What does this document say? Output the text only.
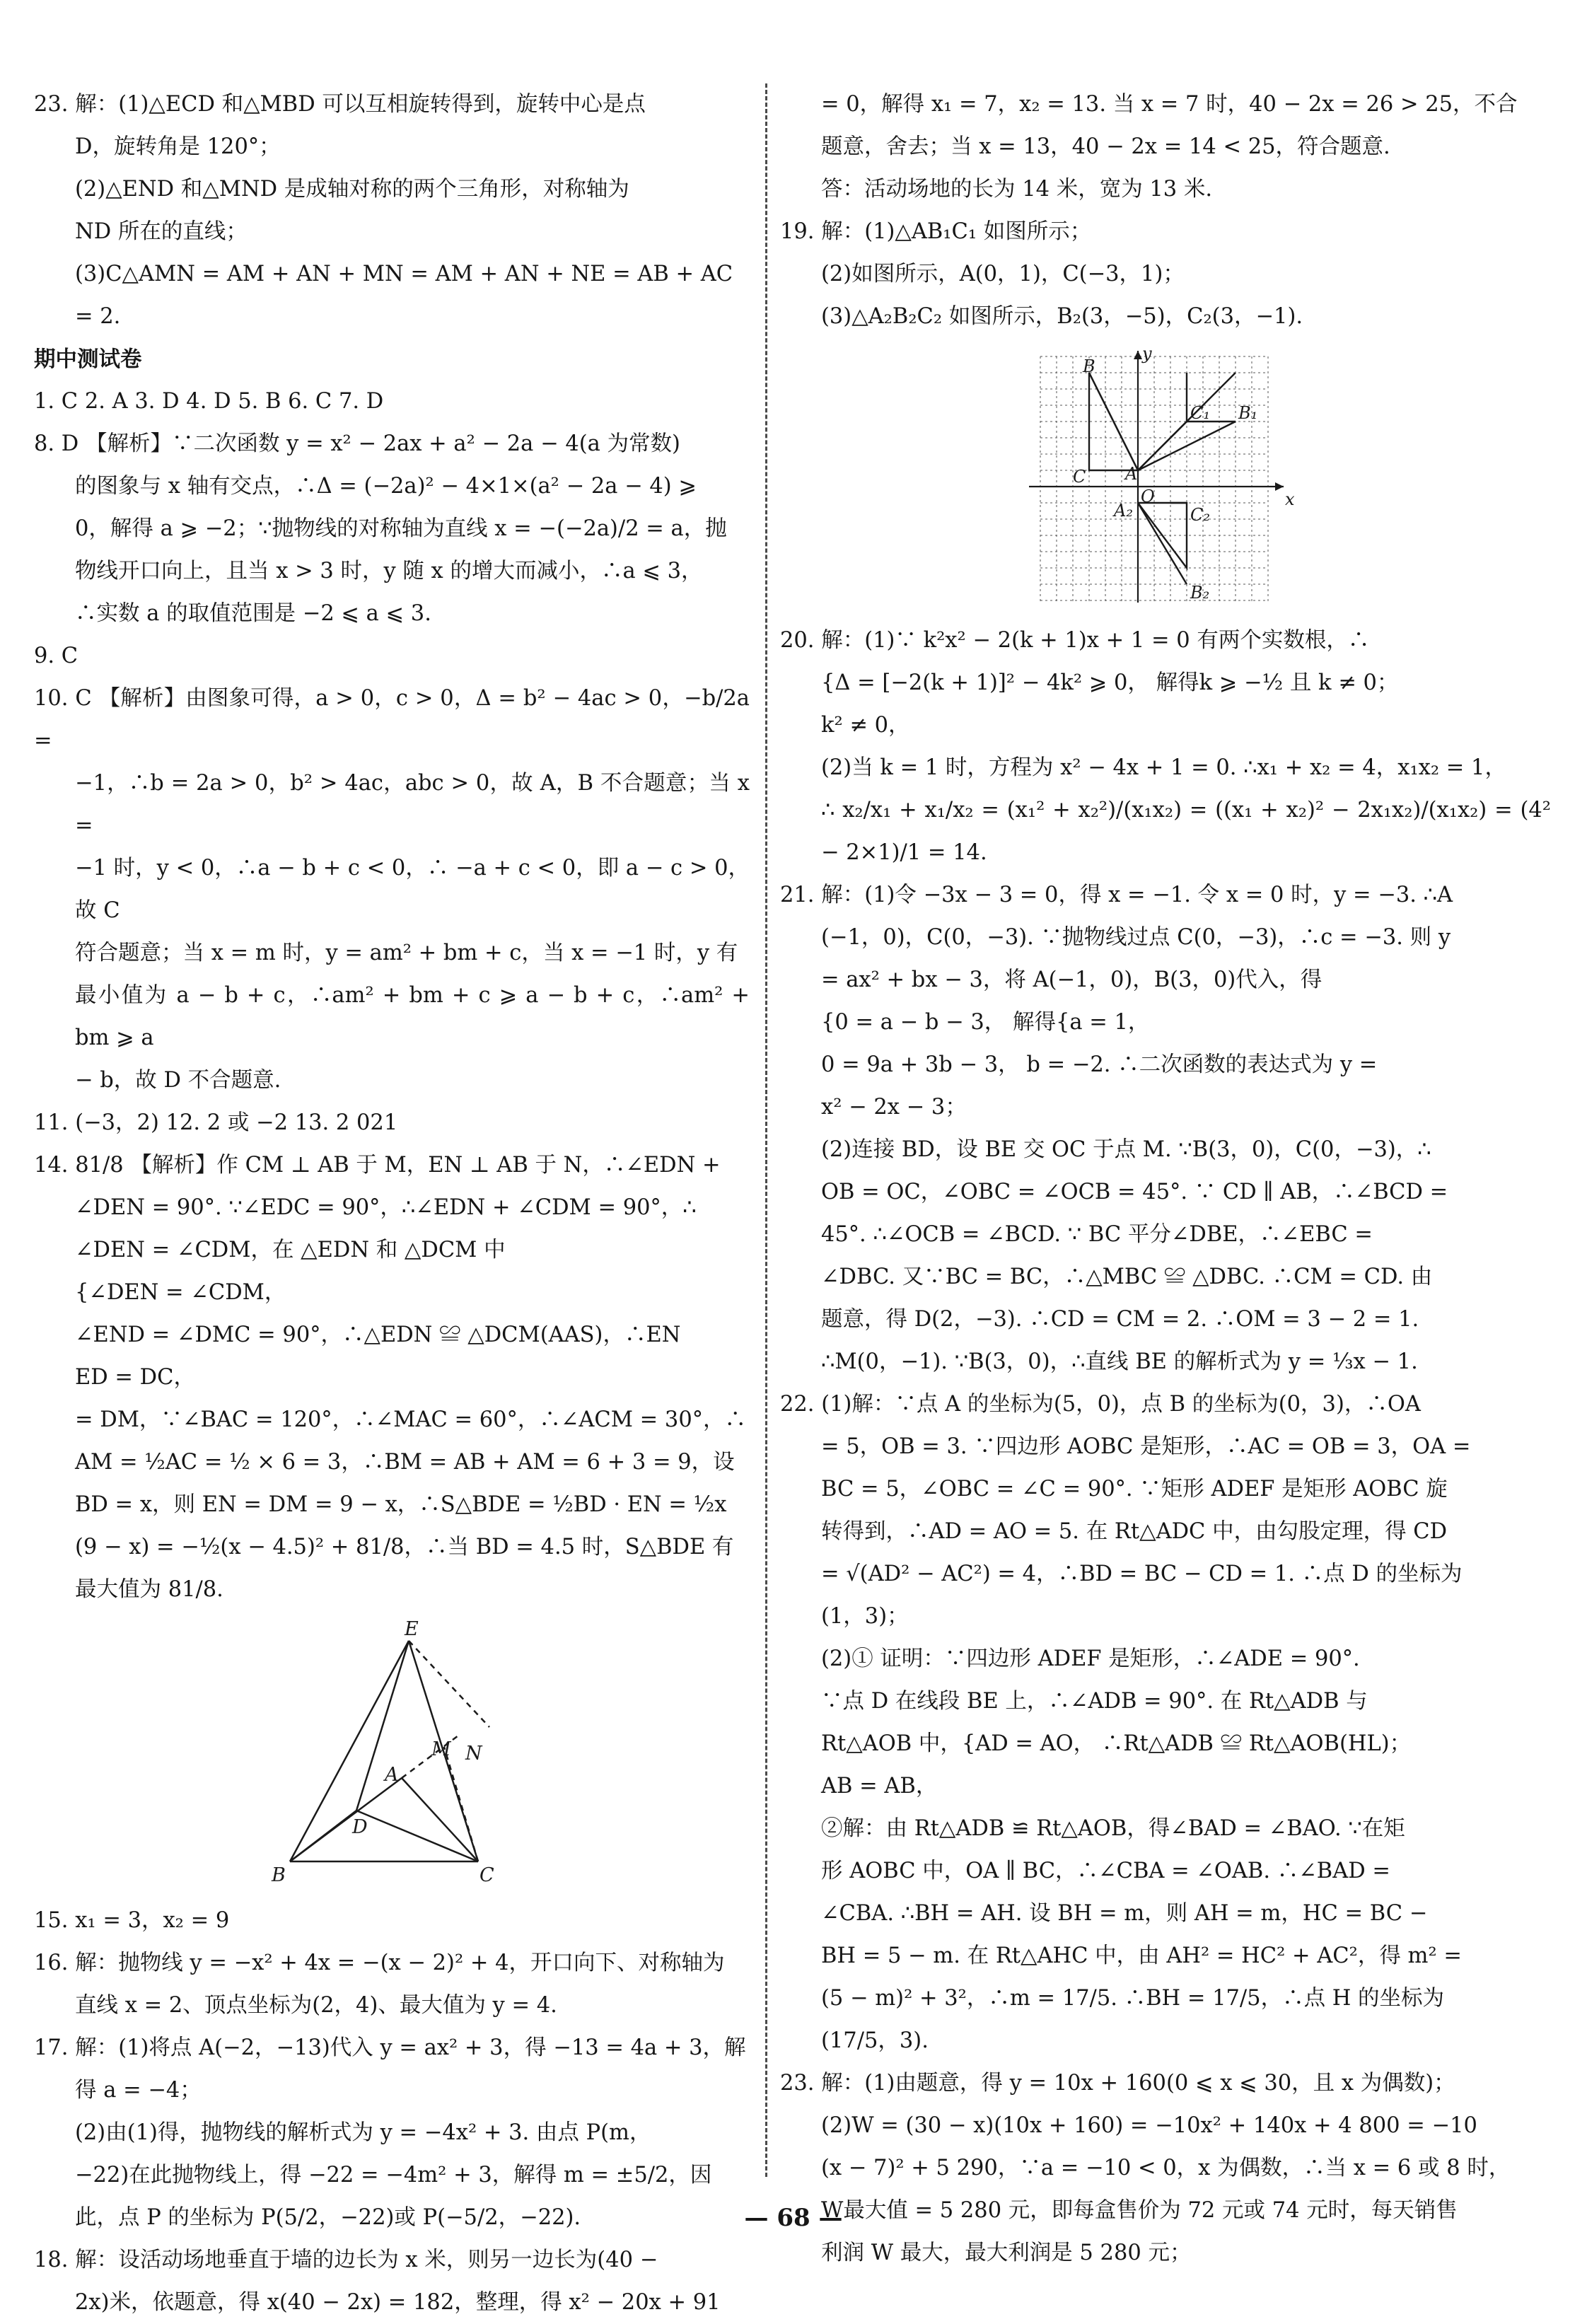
23. 解：(1)△ECD 和△MBD 可以互相旋转得到，旋转中心是点

D，旋转角是 120°；

(2)△END 和△MND 是成轴对称的两个三角形，对称轴为

ND 所在的直线；

(3)C△AMN = AM + AN + MN = AM + AN + NE = AB + AC

= 2.

期中测试卷

1. C 2. A 3. D 4. D 5. B 6. C 7. D

8. D 【解析】∵二次函数 y = x² − 2ax + a² − 2a − 4(a 为常数)

的图象与 x 轴有交点，∴Δ = (−2a)² − 4×1×(a² − 2a − 4) ⩾

0，解得 a ⩾ −2；∵抛物线的对称轴为直线 x = −(−2a)/2 = a，抛

物线开口向上，且当 x > 3 时，y 随 x 的增大而减小，∴a ⩽ 3，

∴实数 a 的取值范围是 −2 ⩽ a ⩽ 3.

9. C

10. C 【解析】由图象可得，a > 0，c > 0，Δ = b² − 4ac > 0，−b/2a =

−1，∴b = 2a > 0，b² > 4ac，abc > 0，故 A，B 不合题意；当 x =

−1 时，y < 0，∴a − b + c < 0，∴ −a + c < 0，即 a − c > 0，故 C

符合题意；当 x = m 时，y = am² + bm + c，当 x = −1 时，y 有

最小值为 a − b + c，∴am² + bm + c ⩾ a − b + c，∴am² + bm ⩾ a

− b，故 D 不合题意.

11. (−3，2) 12. 2 或 −2 13. 2 021

14. 81/8 【解析】作 CM ⊥ AB 于 M，EN ⊥ AB 于 N，∴∠EDN +

∠DEN = 90°. ∵∠EDC = 90°，∴∠EDN + ∠CDM = 90°，∴

∠DEN = ∠CDM，在 △EDN 和 △DCM 中

{∠DEN = ∠CDM，

∠END = ∠DMC = 90°，∴△EDN ≌ △DCM(AAS)，∴EN

ED = DC，

= DM，∵∠BAC = 120°，∴∠MAC = 60°，∴∠ACM = 30°，∴

AM = ½AC = ½ × 6 = 3，∴BM = AB + AM = 6 + 3 = 9，设

BD = x，则 EN = DM = 9 − x，∴S△BDE = ½BD · EN = ½x

(9 − x) = −½(x − 4.5)² + 81/8，∴当 BD = 4.5 时，S△BDE 有

最大值为 81/8.

E
M N
A
D
B	C

15. x₁ = 3，x₂ = 9

16. 解：抛物线 y = −x² + 4x = −(x − 2)² + 4，开口向下、对称轴为

直线 x = 2、顶点坐标为(2，4)、最大值为 y = 4.

17. 解：(1)将点 A(−2，−13)代入 y = ax² + 3，得 −13 = 4a + 3，解

得 a = −4；

(2)由(1)得，抛物线的解析式为 y = −4x² + 3. 由点 P(m，

−22)在此抛物线上，得 −22 = −4m² + 3，解得 m = ±5/2，因

此，点 P 的坐标为 P(5/2，−22)或 P(−5/2，−22).

18. 解：设活动场地垂直于墙的边长为 x 米，则另一边长为(40 −

2x)米，依题意，得 x(40 − 2x) = 182，整理，得 x² − 20x + 91

= 0，解得 x₁ = 7，x₂ = 13. 当 x = 7 时，40 − 2x = 26 > 25，不合

题意，舍去；当 x = 13，40 − 2x = 14 < 25，符合题意.

答：活动场地的长为 14 米，宽为 13 米.

19. 解：(1)△AB₁C₁ 如图所示；

(2)如图所示，A(0，1)，C(−3，1)；

(3)△A₂B₂C₂ 如图所示，B₂(3，−5)，C₂(3，−1).

y
x
O
A
A₂
B
B₁
C
C₁
C₂
B₂

20. 解：(1)∵ k²x² − 2(k + 1)x + 1 = 0 有两个实数根，∴

{Δ = [−2(k + 1)]² − 4k² ⩾ 0， 解得k ⩾ −½ 且 k ≠ 0；

k² ≠ 0，

(2)当 k = 1 时，方程为 x² − 4x + 1 = 0. ∴x₁ + x₂ = 4，x₁x₂ = 1，

∴ x₂/x₁ + x₁/x₂ = (x₁² + x₂²)/(x₁x₂) = ((x₁ + x₂)² − 2x₁x₂)/(x₁x₂) = (4² − 2×1)/1 = 14.

21. 解：(1)令 −3x − 3 = 0，得 x = −1. 令 x = 0 时，y = −3. ∴A

(−1，0)，C(0，−3). ∵抛物线过点 C(0，−3)，∴c = −3. 则 y

= ax² + bx − 3，将 A(−1，0)，B(3，0)代入，得

{0 = a − b − 3， 解得{a = 1，

0 = 9a + 3b − 3， b = −2. ∴二次函数的表达式为 y =

x² − 2x − 3；

(2)连接 BD，设 BE 交 OC 于点 M. ∵B(3，0)，C(0，−3)，∴

OB = OC，∠OBC = ∠OCB = 45°. ∵ CD ∥ AB，∴∠BCD =

45°. ∴∠OCB = ∠BCD. ∵ BC 平分∠DBE，∴∠EBC =

∠DBC. 又∵BC = BC，∴△MBC ≌ △DBC. ∴CM = CD. 由

题意，得 D(2，−3). ∴CD = CM = 2. ∴OM = 3 − 2 = 1.

∴M(0，−1). ∵B(3，0)，∴直线 BE 的解析式为 y = ⅓x − 1.

22. (1)解：∵点 A 的坐标为(5，0)，点 B 的坐标为(0，3)，∴OA

= 5，OB = 3. ∵四边形 AOBC 是矩形，∴AC = OB = 3，OA =

BC = 5，∠OBC = ∠C = 90°. ∵矩形 ADEF 是矩形 AOBC 旋

转得到，∴AD = AO = 5. 在 Rt△ADC 中，由勾股定理，得 CD

= √(AD² − AC²) = 4，∴BD = BC − CD = 1. ∴点 D 的坐标为

(1，3)；

(2)① 证明：∵四边形 ADEF 是矩形，∴∠ADE = 90°.

∵点 D 在线段 BE 上，∴∠ADB = 90°. 在 Rt△ADB 与

Rt△AOB 中，{AD = AO， ∴Rt△ADB ≌ Rt△AOB(HL)；

AB = AB，

②解：由 Rt△ADB ≌ Rt△AOB，得∠BAD = ∠BAO. ∵在矩

形 AOBC 中，OA ∥ BC，∴∠CBA = ∠OAB. ∴∠BAD =

∠CBA. ∴BH = AH. 设 BH = m，则 AH = m，HC = BC −

BH = 5 − m. 在 Rt△AHC 中，由 AH² = HC² + AC²，得 m² =

(5 − m)² + 3²，∴m = 17/5. ∴BH = 17/5，∴点 H 的坐标为

(17/5，3).

23. 解：(1)由题意，得 y = 10x + 160(0 ⩽ x ⩽ 30，且 x 为偶数)；

(2)W = (30 − x)(10x + 160) = −10x² + 140x + 4 800 = −10

(x − 7)² + 5 290，∵a = −10 < 0，x 为偶数，∴当 x = 6 或 8 时，

W最大值 = 5 280 元，即每盒售价为 72 元或 74 元时，每天销售

利润 W 最大，最大利润是 5 280 元；

— 68 —
